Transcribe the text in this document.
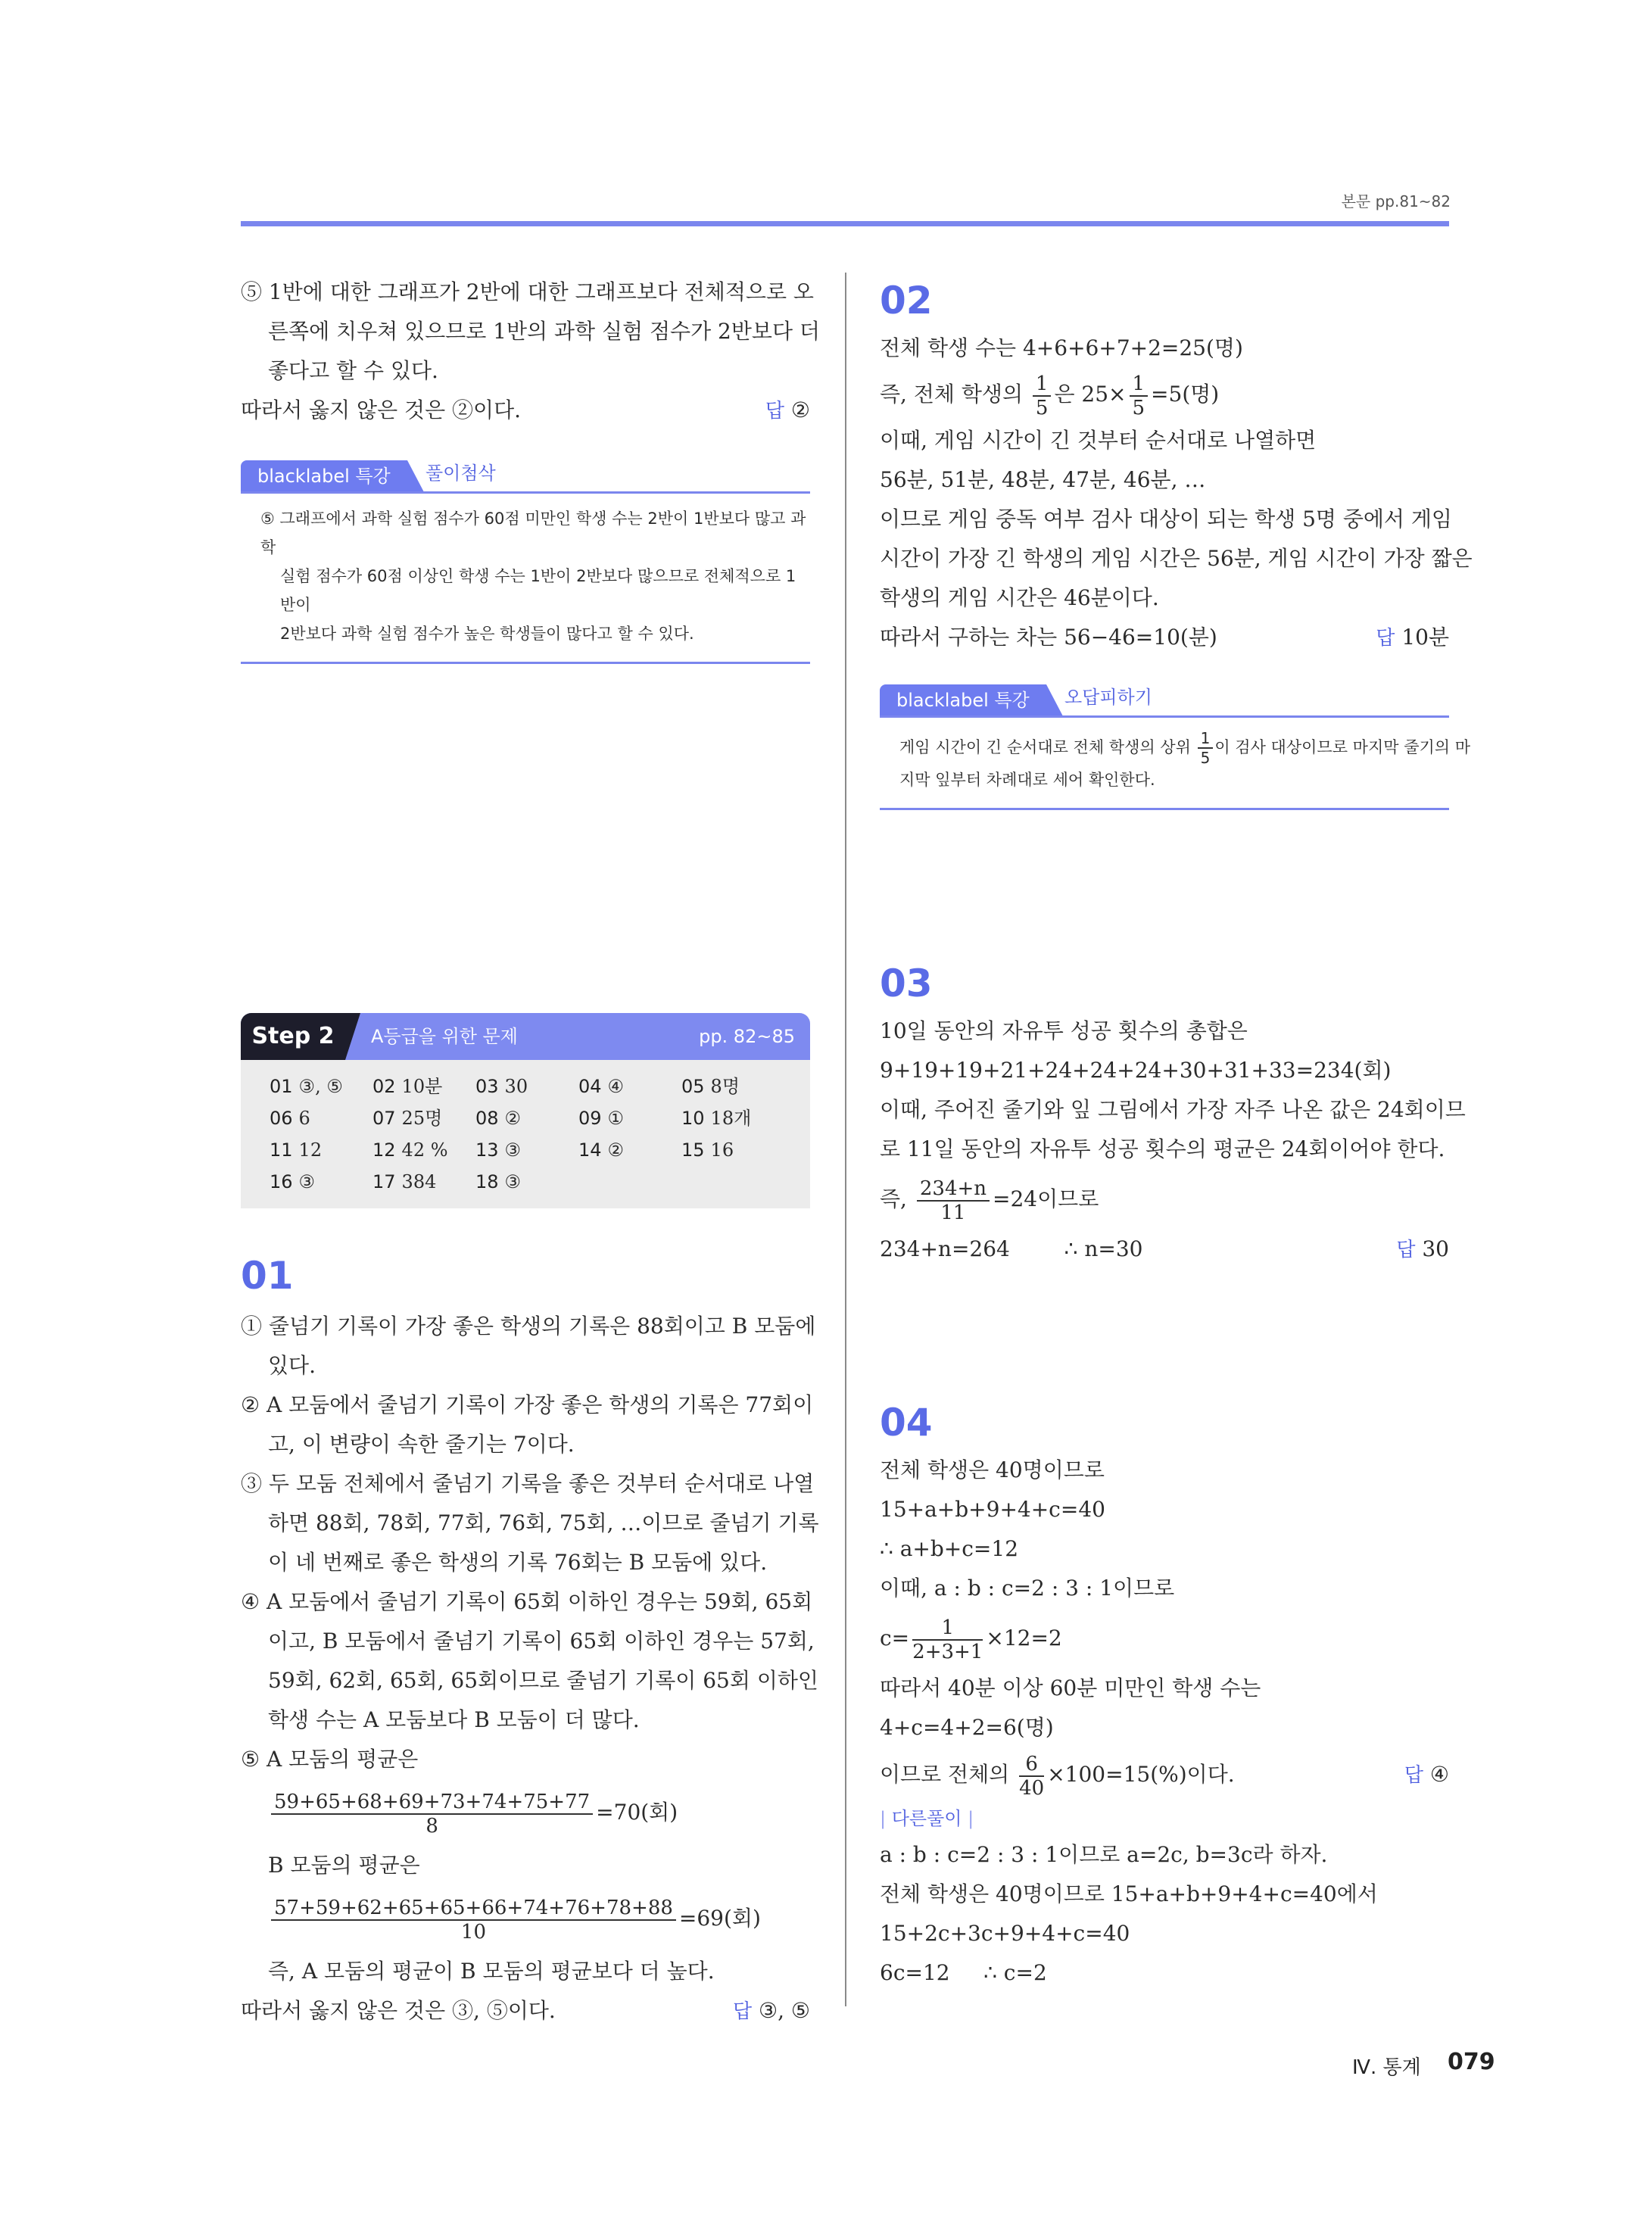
본문 pp.81~82
⑤ 1반에 대한 그래프가 2반에 대한 그래프보다 전체적으로 오
른쪽에 치우쳐 있으므로 1반의 과학 실험 점수가 2반보다 더
좋다고 할 수 있다.
따라서 옳지 않은 것은 ②이다.	답 ②
blacklabel 특강	풀이첨삭
⑤ 그래프에서 과학 실험 점수가 60점 미만인 학생 수는 2반이 1반보다 많고 과학
실험 점수가 60점 이상인 학생 수는 1반이 2반보다 많으므로 전체적으로 1반이
2반보다 과학 실험 점수가 높은 학생들이 많다고 할 수 있다.
Step 2	A등급을 위한 문제	pp. 82~85
01 ③, ⑤ 02 10분 03 30	04 ④	05 8명
06 6	07 25명 08 ②	09 ①	10 18개
11 12	12 42 % 13 ③	14 ②	15 16
16 ③	17 384 18 ③
01
① 줄넘기 기록이 가장 좋은 학생의 기록은 88회이고 B 모둠에
있다.
② A 모둠에서 줄넘기 기록이 가장 좋은 학생의 기록은 77회이
고, 이 변량이 속한 줄기는 7이다.
③ 두 모둠 전체에서 줄넘기 기록을 좋은 것부터 순서대로 나열
하면 88회, 78회, 77회, 76회, 75회, …이므로 줄넘기 기록
이 네 번째로 좋은 학생의 기록 76회는 B 모둠에 있다.
④ A 모둠에서 줄넘기 기록이 65회 이하인 경우는 59회, 65회
이고, B 모둠에서 줄넘기 기록이 65회 이하인 경우는 57회,
59회, 62회, 65회, 65회이므로 줄넘기 기록이 65회 이하인
학생 수는 A 모둠보다 B 모둠이 더 많다.
⑤ A 모둠의 평균은
$\frac{59+65+68+69+73+74+75+77}{8} =70$(회)
B 모둠의 평균은
$\frac{57+59+62+65+65+66+74+76+78+88}{10} =69$(회)
즉, A 모둠의 평균이 B 모둠의 평균보다 더 높다.
따라서 옳지 않은 것은 ③, ⑤이다.	답 ③, ⑤
02
전체 학생 수는 4+6+6+7+2=25(명)
즉, 전체 학생의 $\frac{1}{5}$ 은 $25\times \frac{1}{5} =5$(명)
이때, 게임 시간이 긴 것부터 순서대로 나열하면
56분, 51분, 48분, 47분, 46분, …
이므로 게임 중독 여부 검사 대상이 되는 학생 5명 중에서 게임
시간이 가장 긴 학생의 게임 시간은 56분, 게임 시간이 가장 짧은
학생의 게임 시간은 46분이다.
따라서 구하는 차는 56−46=10(분)	답 10분
blacklabel 특강	오답피하기
게임 시간이 긴 순서대로 전체 학생의 상위 $\frac{1}{5}$ 이 검사 대상이므로 마지막 줄기의 마
지막 잎부터 차례대로 세어 확인한다.
03
10일 동안의 자유투 성공 횟수의 총합은
9+19+19+21+24+24+24+30+31+33=234(회)
이때, 주어진 줄기와 잎 그림에서 가장 자주 나온 값은 24회이므
로 11일 동안의 자유투 성공 횟수의 평균은 24회이어야 한다.
즉, $\frac{234+n}{11} =24$이므로
234+n=264	∴ n=30	답 30
04
전체 학생은 40명이므로
15+a+b+9+4+c=40
∴ a+b+c=12
이때, a : b : c=2 : 3 : 1이므로
$c= \frac{1}{2+3+1} \times 12=2$
따라서 40분 이상 60분 미만인 학생 수는
4+c=4+2=6(명)
이므로 전체의 $\frac{6}{40} \times 100=15(\%)$이다.	답 ④
| 다른풀이 |
a : b : c=2 : 3 : 1이므로 a=2c, b=3c라 하자.
전체 학생은 40명이므로 15+a+b+9+4+c=40에서
15+2c+3c+9+4+c=40
6c=12     ∴ c=2
Ⅳ. 통계 079
